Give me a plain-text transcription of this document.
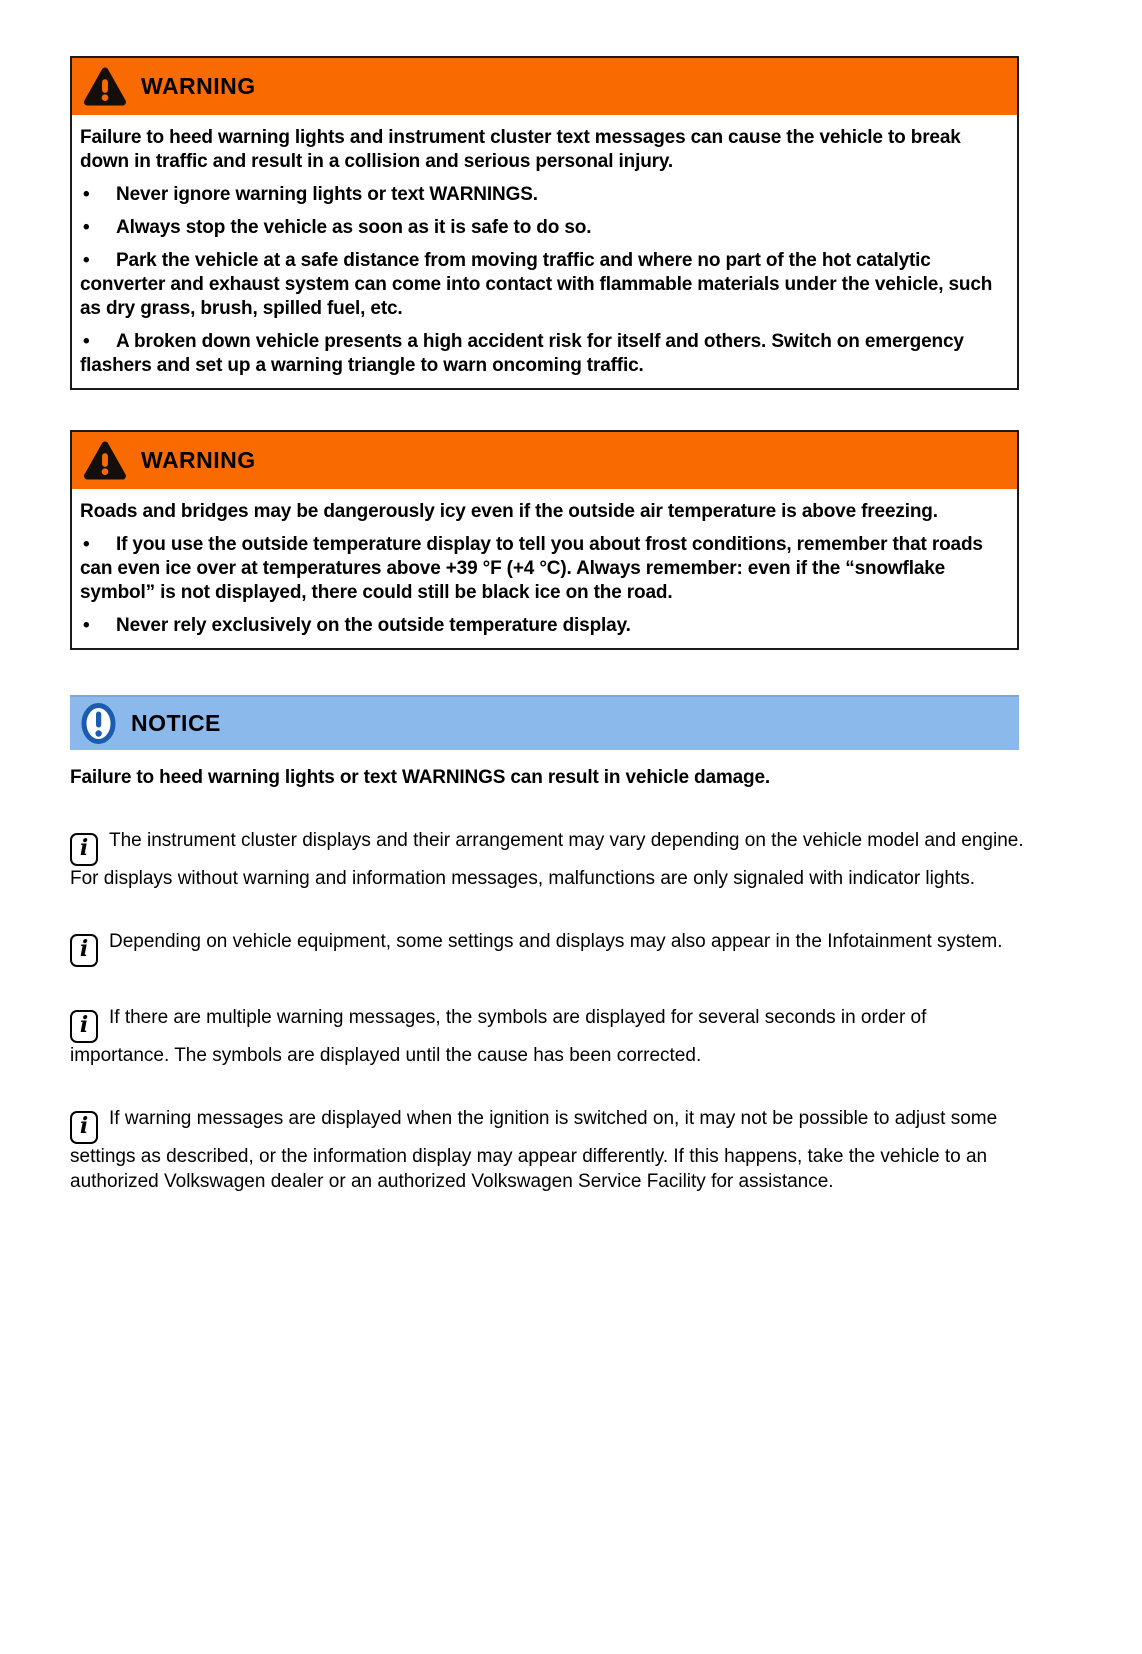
WARNING

Failure to heed warning lights and instrument cluster text messages can cause the vehicle to break down in traffic and result in a collision and serious personal injury.

• Never ignore warning lights or text WARNINGS.

• Always stop the vehicle as soon as it is safe to do so.

• Park the vehicle at a safe distance from moving traffic and where no part of the hot catalytic converter and exhaust system can come into contact with flammable materials under the vehicle, such as dry grass, brush, spilled fuel, etc.

• A broken down vehicle presents a high accident risk for itself and others. Switch on emergency flashers and set up a warning triangle to warn oncoming traffic.

WARNING

Roads and bridges may be dangerously icy even if the outside air temperature is above freezing.

• If you use the outside temperature display to tell you about frost conditions, remember that roads can even ice over at temperatures above +39 °F (+4 °C). Always remember: even if the “snowflake symbol” is not displayed, there could still be black ice on the road.

• Never rely exclusively on the outside temperature display.

NOTICE

Failure to heed warning lights or text WARNINGS can result in vehicle damage.

i The instrument cluster displays and their arrangement may vary depending on the vehicle model and engine. For displays without warning and information messages, malfunctions are only signaled with indicator lights.

i Depending on vehicle equipment, some settings and displays may also appear in the Infotainment system.

i If there are multiple warning messages, the symbols are displayed for several seconds in order of importance. The symbols are displayed until the cause has been corrected.

i If warning messages are displayed when the ignition is switched on, it may not be possible to adjust some settings as described, or the information display may appear differently. If this happens, take the vehicle to an authorized Volkswagen dealer or an authorized Volkswagen Service Facility for assistance.
